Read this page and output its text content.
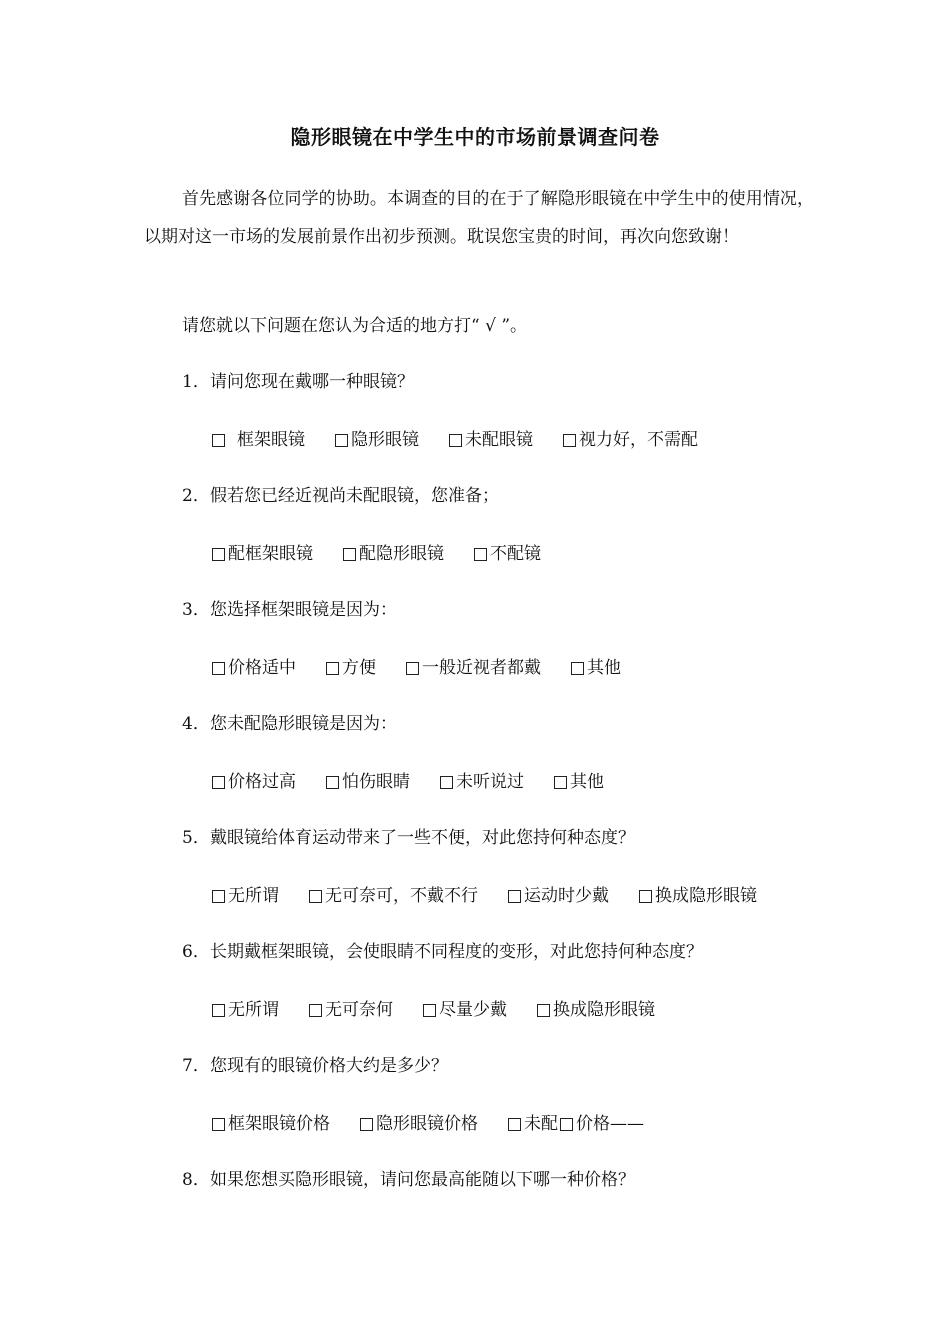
隐形眼镜在中学生中的市场前景调查问卷
首先感谢各位同学的协助。本调查的目的在于了解隐形眼镜在中学生中的使用情况，以期对这一市场的发展前景作出初步预测。耽误您宝贵的时间，再次向您致谢！
请您就以下问题在您认为合适的地方打“ √ ”。
1．请问您现在戴哪一种眼镜？
框架眼镜	隐形眼镜	未配眼镜	视力好，不需配
2．假若您已经近视尚未配眼镜，您准备；
配框架眼镜	配隐形眼镜	不配镜
3．您选择框架眼镜是因为：
价格适中	方便	一般近视者都戴	其他
4．您未配隐形眼镜是因为：
价格过高	怕伤眼睛	未听说过	其他
5．戴眼镜给体育运动带来了一些不便，对此您持何种态度？
无所谓	无可奈可，不戴不行	运动时少戴	换成隐形眼镜
6．长期戴框架眼镜，会使眼睛不同程度的变形，对此您持何种态度？
无所谓	无可奈何	尽量少戴	换成隐形眼镜
7．您现有的眼镜价格大约是多少？
框架眼镜价格	隐形眼镜价格	未配 价格——
8．如果您想买隐形眼镜，请问您最高能随以下哪一种价格？
